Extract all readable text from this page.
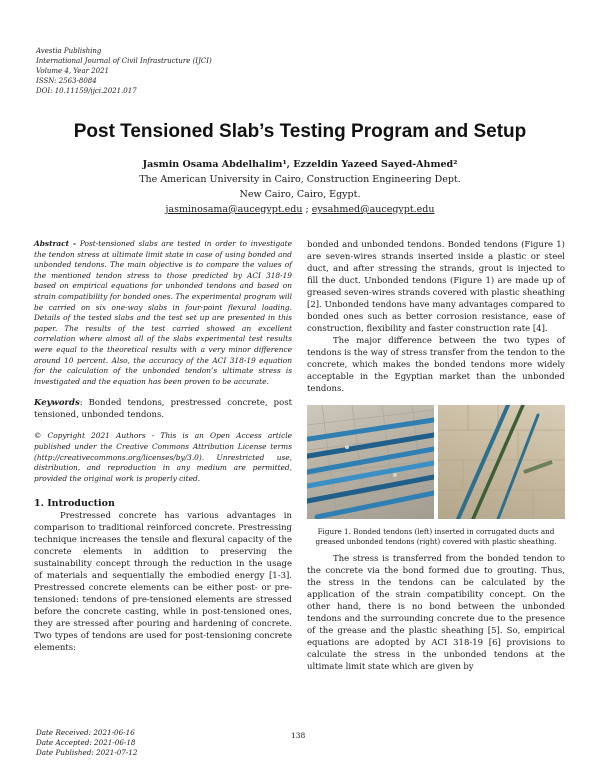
Avestia Publishing
International Journal of Civil Infrastructure (IJCI)
Volume 4, Year 2021
ISSN: 2563-8084
DOI: 10.11159/ijci.2021.017
Post Tensioned Slab’s Testing Program and Setup
Jasmin Osama Abdelhalim¹, Ezzeldin Yazeed Sayed-Ahmed²
The American University in Cairo, Construction Engineering Dept.
New Cairo, Cairo, Egypt.
jasminosama@aucegypt.edu ; eysahmed@aucegypt.edu

Abstract - Post-tensioned slabs are tested in order to investigate the tendon stress at ultimate limit state in case of using bonded and unbonded tendons. The main objective is to compare the values of the mentioned tendon stress to those predicted by ACI 318-19 based on empirical equations for unbonded tendons and based on strain compatibility for bonded ones. The experimental program will be carried on six one-way slabs in four-point flexural loading. Details of the tested slabs and the test set up are presented in this paper. The results of the test carried showed an excellent correlation where almost all of the slabs experimental test results were equal to the theoretical results with a very minor difference around 10 percent. Also, the accuracy of the ACI 318-19 equation for the calculation of the unbonded tendon’s ultimate stress is investigated and the equation has been proven to be accurate.

Keywords: Bonded tendons, prestressed concrete, post tensioned, unbonded tendons.

© Copyright 2021 Authors - This is an Open Access article published under the Creative Commons Attribution License terms (http://creativecommons.org/licenses/by/3.0). Unrestricted use, distribution, and reproduction in any medium are permitted, provided the original work is properly cited.

1. Introduction

Prestressed concrete has various advantages in comparison to traditional reinforced concrete. Prestressing technique increases the tensile and flexural capacity of the concrete elements in addition to preserving the sustainability concept through the reduction in the usage of materials and sequentially the embodied energy [1-3]. Prestressed concrete elements can be either post- or pre-tensioned: tendons of pre-tensioned elements are stressed before the concrete casting, while in post-tensioned ones, they are stressed after pouring and hardening of concrete. Two types of tendons are used for post-tensioning concrete elements:

bonded and unbonded tendons. Bonded tendons (Figure 1) are seven-wires strands inserted inside a plastic or steel duct, and after stressing the strands, grout is injected to fill the duct. Unbonded tendons (Figure 1) are made up of greased seven-wires strands covered with plastic sheathing [2]. Unbonded tendons have many advantages compared to bonded ones such as better corrosion resistance, ease of construction, flexibility and faster construction rate [4].

The major difference between the two types of tendons is the way of stress transfer from the tendon to the concrete, which makes the bonded tendons more widely acceptable in the Egyptian market than the unbonded tendons.

Figure 1. Bonded tendons (left) inserted in corrugated ducts and greased unbonded tendons (right) covered with plastic sheathing.

The stress is transferred from the bonded tendon to the concrete via the bond formed due to grouting. Thus, the stress in the tendons can be calculated by the application of the strain compatibility concept. On the other hand, there is no bond between the unbonded tendons and the surrounding concrete due to the presence of the grease and the plastic sheathing [5]. So, empirical equations are adopted by ACI 318-19 [6] provisions to calculate the stress in the unbonded tendons at the ultimate limit state which are given by

Date Received: 2021-06-16
Date Accepted: 2021-06-18
Date Published: 2021-07-12
138
